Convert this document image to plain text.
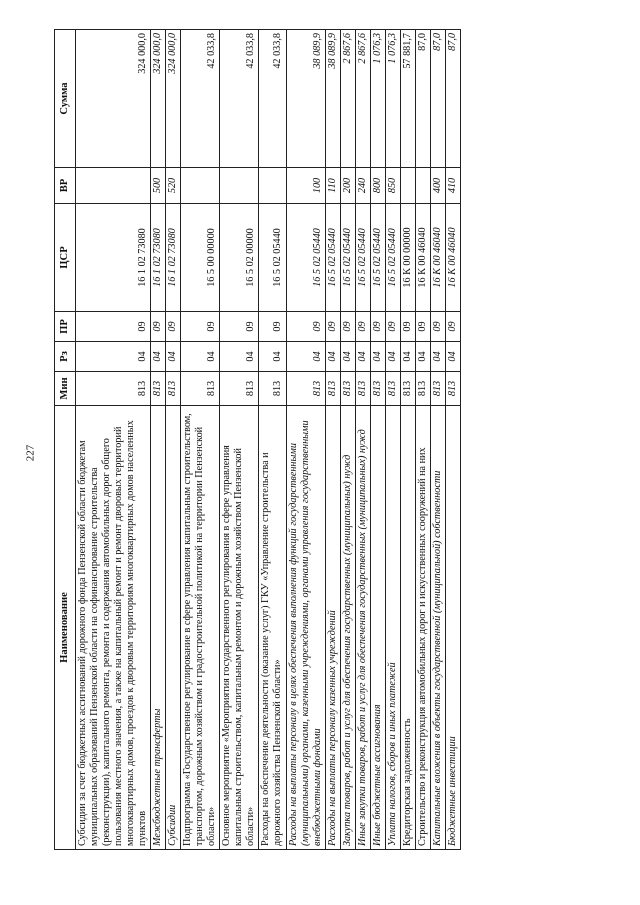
227
Наименование	Мин	Рз	ПР	ЦСР	ВР	Сумма
Субсидии за счет бюджетных ассигнований дорожного фонда Пензенской области бюджетам муниципальных образований Пензенской области на софинансирование строительства (реконструкции), капитального ремонта, ремонта и содержания автомобильных дорог общего пользования местного значения, а также на капитальный ремонт и ремонт дворовых территорий многоквартирных домов, проездов к дворовым территориям многоквартирных домов населенных пунктов	813	04	09	16 1 02 73080		324 000,0
Межбюджетные трансферты	813	04	09	16 1 02 73080	500	324 000,0
Субсидии	813	04	09	16 1 02 73080	520	324 000,0
Подпрограмма «Государственное регулирование в сфере управления капитальным строительством, транспортом, дорожным хозяйством и градостроительной политикой на территории Пензенской области»	813	04	09	16 5 00 00000		42 033,8
Основное мероприятие «Мероприятия государственного регулирования в сфере управления капитальным строительством, капитальным ремонтом и дорожным хозяйством Пензенской области»	813	04	09	16 5 02 00000		42 033,8
Расходы на обеспечение деятельности (оказание услуг) ГКУ «Управление строительства и дорожного хозяйства Пензенской области»	813	04	09	16 5 02 05440		42 033,8
Расходы на выплаты персоналу в целях обеспечения выполнения функций государственными (муниципальными) органами, казенными учреждениями, органами управления государственными внебюджетными фондами	813	04	09	16 5 02 05440	100	38 089,9
Расходы на выплаты персоналу казенных учреждений	813	04	09	16 5 02 05440	110	38 089,9
Закупка товаров, работ и услуг для обеспечения государственных (муниципальных) нужд	813	04	09	16 5 02 05440	200	2 867,6
Иные закупки товаров, работ и услуг для обеспечения государственных (муниципальных) нужд	813	04	09	16 5 02 05440	240	2 867,6
Иные бюджетные ассигнования	813	04	09	16 5 02 05440	800	1 076,3
Уплата налогов, сборов и иных платежей	813	04	09	16 5 02 05440	850	1 076,3
Кредиторская задолженность	813	04	09	16 К 00 00000		57 881,7
Строительство и реконструкция автомобильных дорог и искусственных сооружений на них	813	04	09	16 К 00 46040		87,0
Капитальные вложения в объекты государственной (муниципальной) собственности	813	04	09	16 К 00 46040	400	87,0
Бюджетные инвестиции	813	04	09	16 К 00 46040	410	87,0
